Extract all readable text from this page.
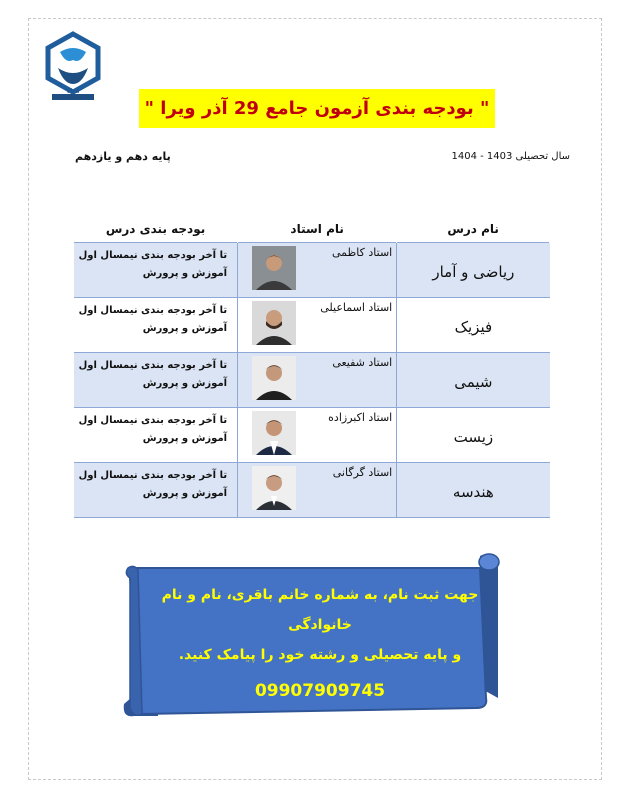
Vira
" بودجه بندی آزمون جامع 29 آذر ویرا "
پایه دهم و یازدهم	سال تحصیلی 1403 - 1404
نام درس	نام استاد	بودجه بندی درس

ریاضی و آمار	استاد کاظمی	تا آخر بودجه بندی نیمسال اول
آموزش و پرورش

فیزیک	استاد اسماعیلی	تا آخر بودجه بندی نیمسال اول
آموزش و پرورش

شیمی	استاد شفیعی	تا آخر بودجه بندی نیمسال اول
آموزش و پرورش

زیست	استاد اکبرزاده	تا آخر بودجه بندی نیمسال اول
آموزش و پرورش

هندسه	استاد گرگانی	تا آخر بودجه بندی نیمسال اول
آموزش و پرورش
جهت ثبت نام، به شماره خانم باقری، نام و نام خانوادگی
و پایه تحصیلی و رشته خود را پیامک کنید.
09907909745
